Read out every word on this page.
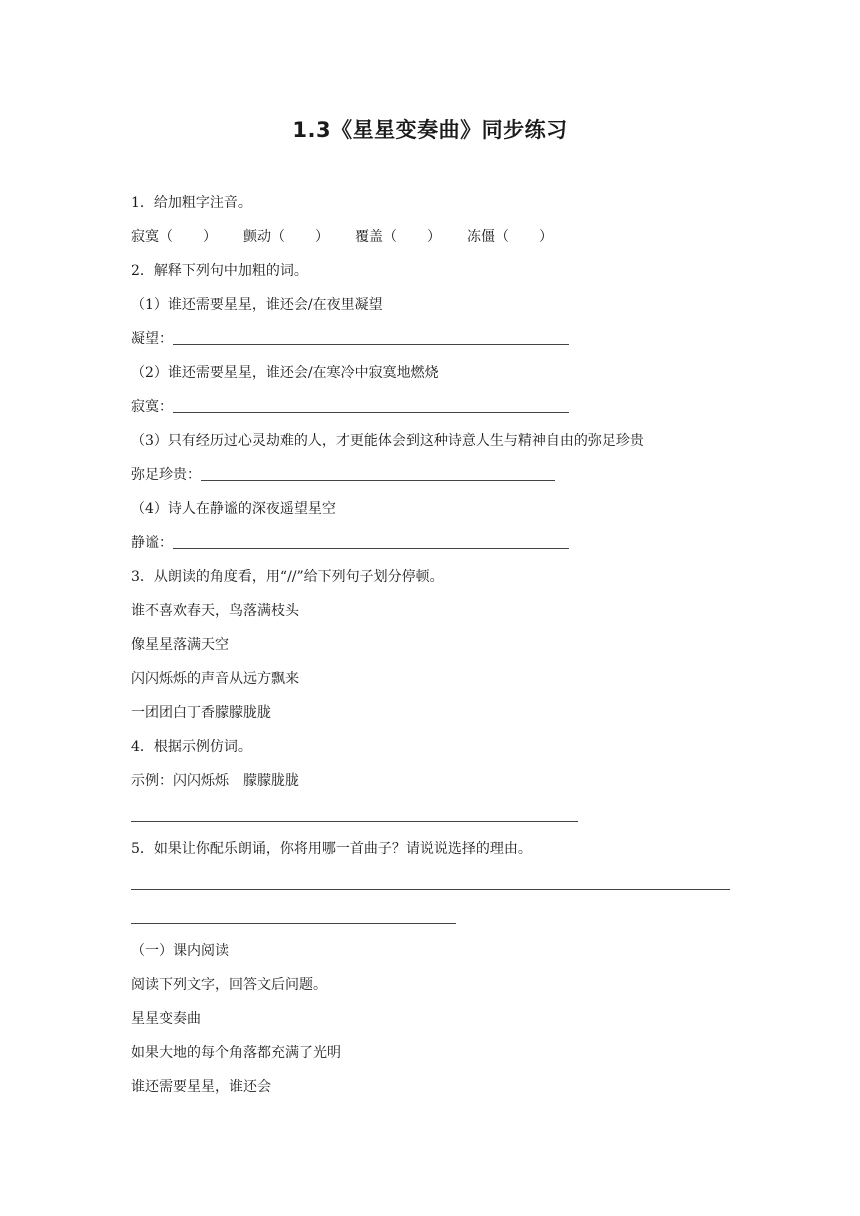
1.3《星星变奏曲》同步练习
1．给加粗字注音。
寂寞（ ） 颤动（ ） 覆盖（ ） 冻僵（ ）
2．解释下列句中加粗的词。
（1）谁还需要星星，谁还会/在夜里凝望
凝望：
（2）谁还需要星星，谁还会/在寒冷中寂寞地燃烧
寂寞：
（3）只有经历过心灵劫难的人，才更能体会到这种诗意人生与精神自由的弥足珍贵
弥足珍贵：
（4）诗人在静谧的深夜遥望星空
静谧：
3．从朗读的角度看，用“//”给下列句子划分停顿。
谁不喜欢春天，鸟落满枝头
像星星落满天空
闪闪烁烁的声音从远方飘来
一团团白丁香朦朦胧胧
4．根据示例仿词。
示例：闪闪烁烁　朦朦胧胧
5．如果让你配乐朗诵，你将用哪一首曲子？请说说选择的理由。
（一）课内阅读
阅读下列文字，回答文后问题。
星星变奏曲
如果大地的每个角落都充满了光明
谁还需要星星，谁还会
